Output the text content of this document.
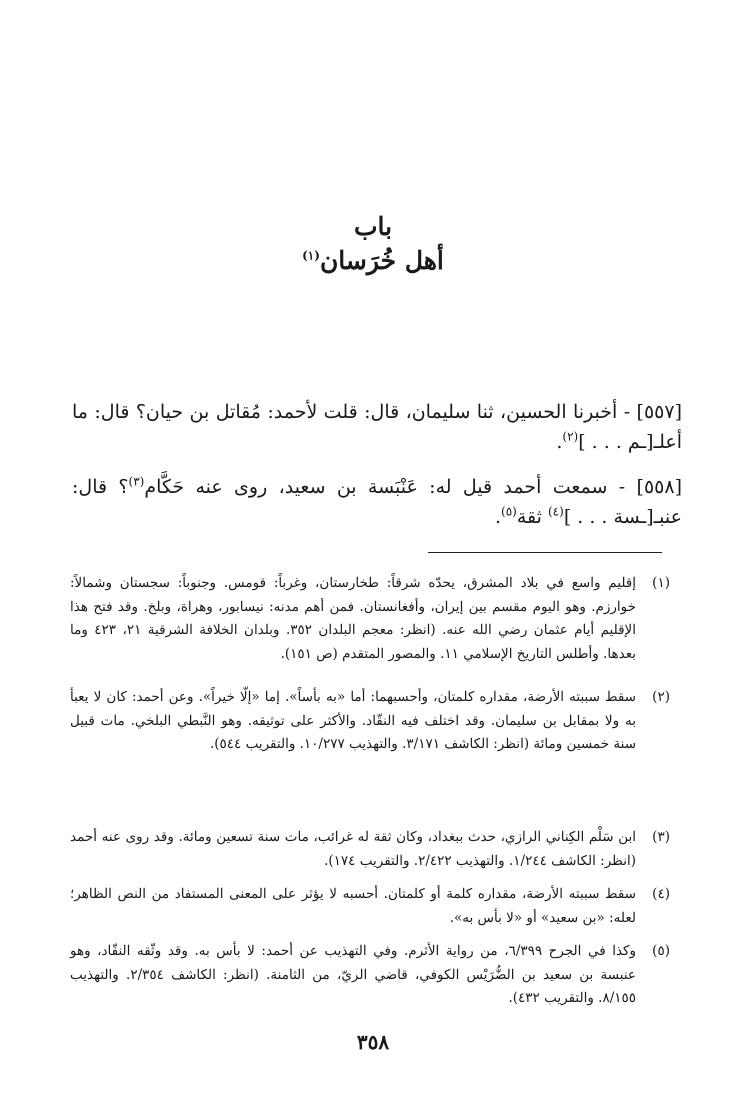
باب
أهل خُرَسان$^{(١)}$
[٥٥٧] - أخبرنا الحسين، ثنا سليمان، قال: قلت لأحمد: مُقاتل بن حيان؟ قال: ما أعلـ[ـم . . . ]$^{(٢)}$.
[٥٥٨] - سمعت أحمد قيل له: عَنْبَسة بن سعيد، روى عنه حَكَّام$^{(٣)}$؟ قال: عنبـ[ـسة . . . ]$^{(٤)}$ ثقة$^{(٥)}$.
(١)
إقليم واسع في بلاد المشرق، يحدّه شرقاً: طخارستان، وغرباً: قومس. وجنوباً: سجستان وشمالاً: خوارزم. وهو اليوم مقسم بين إيران، وأفغانستان. فمن أهم مدنه: نيسابور، وهراة، وبلخ. وقد فتح هذا الإقليم أيام عثمان رضي الله عنه. (انظر: معجم البلدان ٣٥٢. وبلدان الخلافة الشرقية ٢١، ٤٢٣ وما بعدها. وأطلس التاريخ الإسلامي ١١. والمصور المتقدم (ص ١٥١).
(٢)
سقط سببته الأرضة، مقداره كلمتان، وأحسبهما: أما «به بأساً». إما «إلّا خيراً». وعن أحمد: كان لا يعبأ به ولا بمقابل بن سليمان. وقد اختلف فيه النقّاد. والأكثر على توثيقه. وهو النَّبطي البلخي. مات قبيل سنة خمسين ومائة (انظر: الكاشف ٣/١٧١. والتهذيب ١٠/٢٧٧. والتقريب ٥٤٤).
(٣)
ابن سَلْم الكِناني الرازي، حدث ببغداد، وكان ثقة له غرائب، مات سنة تسعين ومائة. وقد روى عنه أحمد (انظر: الكاشف ١/٢٤٤. والتهذيب ٢/٤٢٢. والتقريب ١٧٤).
(٤)
سقط سببته الأرضة، مقداره كلمة أو كلمتان. أحسبه لا يؤثر على المعنى المستفاد من النص الظاهر؛ لعله: «بن سعيد» أو «لا بأس به».
(٥)
وكذا في الجرح ٦/٣٩٩، من رواية الأثرم. وفي التهذيب عن أحمد: لا بأس به. وقد وثّقه النقّاد، وهو عنبسة بن سعيد بن الضُّرَيْس الكوفي، قاضي الريّ، من الثامنة. (انظر: الكاشف ٢/٣٥٤. والتهذيب ٨/١٥٥. والتقريب ٤٣٢).
٣٥٨
